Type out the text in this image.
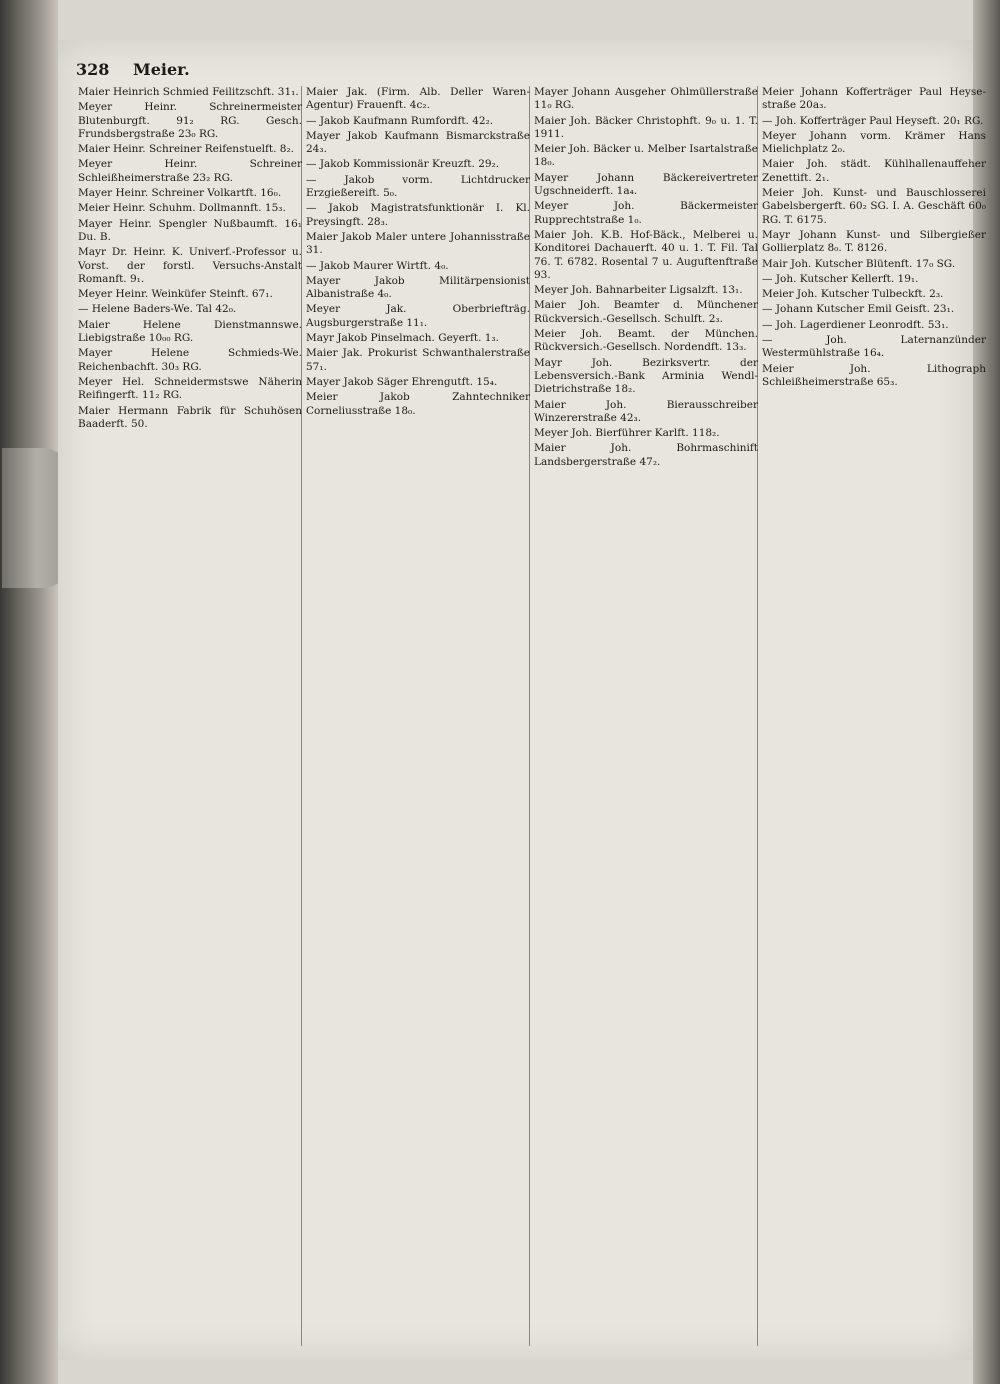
328 Meier.
Maier Heinrich Schmied Feilitzschft. 31₁.
Meyer Heinr. Schreinermeister Blutenburgft. 91₂ RG. Gesch. Frundsbergstraße 23₀ RG.
Maier Heinr. Schreiner Reifenstuelft. 8₂.
Meyer Heinr. Schreiner Schleißheimerstraße 23₂ RG.
Mayer Heinr. Schreiner Volkartft. 16₀.
Meier Heinr. Schuhm. Dollmannft. 15₃.
Mayer Heinr. Spengler Nußbaumft. 16₁ Du. B.
Mayr Dr. Heinr. K. Univerf.-Professor u. Vorst. der forstl. Versuchs-Anstalt Romanft. 9₁.
Meyer Heinr. Weinküfer Steinft. 67₁.
— Helene Baders-We. Tal 42₀.
Maier Helene Dienstmannswe. Liebigstraße 10₀₀ RG.
Mayer Helene Schmieds-We. Reichenbachft. 30₃ RG.
Meyer Hel. Schneidermstswe Näherin Reifingerft. 11₂ RG.
Maier Hermann Fabrik für Schuhösen Baaderft. 50.
Maier Jak. (Firm. Alb. Deller Waren-Agentur) Frauenft. 4c₂.
— Jakob Kaufmann Rumfordft. 42₂.
Mayer Jakob Kaufmann Bismarckstraße 24₃.
— Jakob Kommissionär Kreuzft. 29₂.
— Jakob vorm. Lichtdrucker Erzgießereift. 5₀.
— Jakob Magistratsfunktionär I. Kl. Preysingft. 28₃.
Maier Jakob Maler untere Johannisstraße 31.
— Jakob Maurer Wirtft. 4₀.
Mayer Jakob Militärpensionist Albanistraße 4₀.
Meyer Jak. Oberbriefträg. Augsburgerstraße 11₁.
Mayr Jakob Pinselmach. Geyerft. 1₃.
Maier Jak. Prokurist Schwanthalerstraße 57₁.
Mayer Jakob Säger Ehrengutft. 15₄.
Meier Jakob Zahntechniker Corneliusstraße 18₀.
Mayer Johann Ausgeher Ohlmüllerstraße 11₀ RG.
Maier Joh. Bäcker Christophft. 9₀ u. 1. T. 1911.
Meier Joh. Bäcker u. Melber Isartalstraße 18₀.
Mayer Johann Bäckereivertreter Ugschneiderft. 1a₄.
Meyer Joh. Bäckermeister Rupprechtstraße 1₀.
Maier Joh. K.B. Hof-Bäck., Melberei u. Konditorei Dachauerft. 40 u. 1. T. Fil. Tal 76. T. 6782. Rosental 7 u. Auguftenftraße 93.
Meyer Joh. Bahnarbeiter Ligsalzft. 13₁.
Maier Joh. Beamter d. Münchener Rückversich.-Gesellsch. Schulft. 2₃.
Meier Joh. Beamt. der München. Rückversich.-Gesellsch. Nordendft. 13₃.
Mayr Joh. Bezirksvertr. der Lebensversich.-Bank Arminia Wendl-Dietrichstraße 18₂.
Maier Joh. Bierausschreiber Winzererstraße 42₃.
Meyer Joh. Bierführer Karlft. 118₂.
Maier Joh. Bohrmaschinift Landsbergerstraße 47₂.
Meier Johann Kofferträger Paul Heyse-straße 20a₃.
— Joh. Kofferträger Paul Heyseft. 20₁ RG.
Meyer Johann vorm. Krämer Hans Mielichplatz 2₀.
Maier Joh. städt. Kühlhallenauffeher Zenettift. 2₁.
Meier Joh. Kunst- und Bauschlosserei Gabelsbergerft. 60₂ SG. I. A. Geschäft 60₀ RG. T. 6175.
Mayr Johann Kunst- und Silbergießer Gollierplatz 8₀. T. 8126.
Mair Joh. Kutscher Blütenft. 17₀ SG.
— Joh. Kutscher Kellerft. 19₁.
Meier Joh. Kutscher Tulbeckft. 2₃.
— Johann Kutscher Emil Geisft. 23₁.
— Joh. Lagerdiener Leonrodft. 53₁.
— Joh. Laternanzünder Westermühlstraße 16₄.
Meier Joh. Lithograph Schleißheimerstraße 65₃.
